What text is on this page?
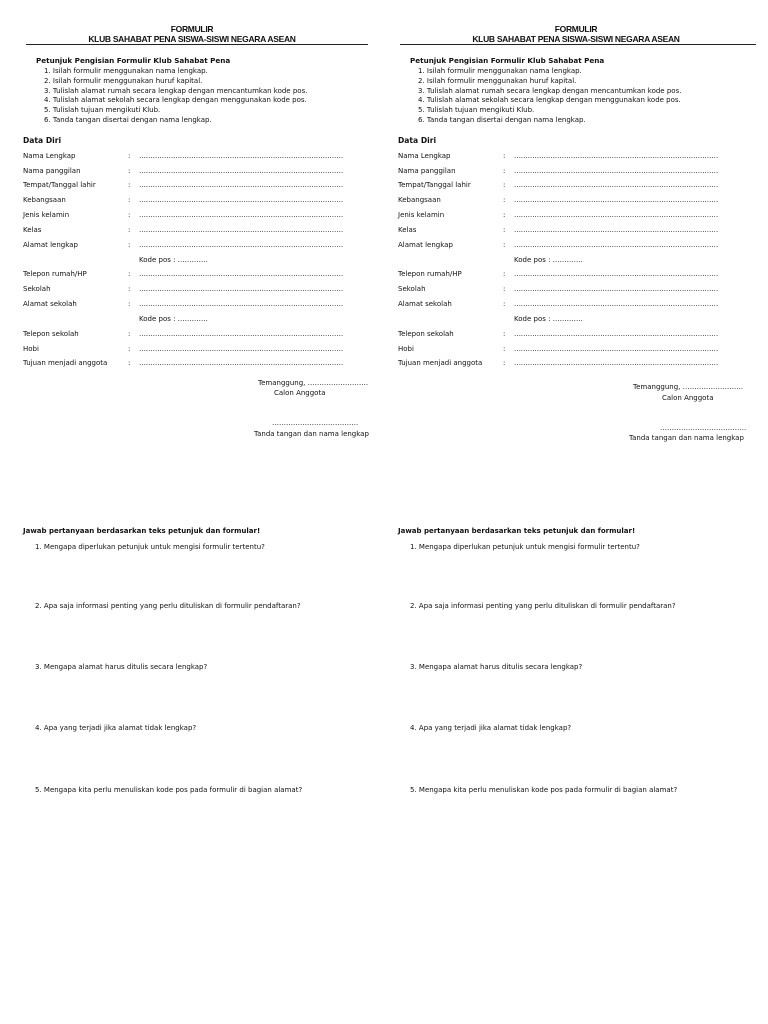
FORMULIR
KLUB SAHABAT PENA SISWA-SISWI NEGARA ASEAN
Petunjuk Pengisian Formulir Klub Sahabat Pena
1. Isilah formulir menggunakan nama lengkap.
2. Isilah formulir menggunakan huruf kapital.
3. Tulislah alamat rumah secara lengkap dengan mencantumkan kode pos.
4. Tulislah alamat sekolah secara lengkap dengan menggunakan kode pos.
5. Tulislah tujuan mengikuti Klub.
6. Tanda tangan disertai dengan nama lengkap.
Data Diri
Nama Lengkap	: ………………………………………………………………………………
Nama panggilan	: ………………………………………………………………………………
Tempat/Tanggal lahir	: ………………………………………………………………………………
Kebangsaan	: ………………………………………………………………………………
Jenis kelamin	: ………………………………………………………………………………
Kelas	: ………………………………………………………………………………
Alamat lengkap	: ………………………………………………………………………………
Kode pos : ………….
Telepon rumah/HP	: ………………………………………………………………………………
Sekolah	: ………………………………………………………………………………
Alamat sekolah	: ………………………………………………………………………………
Kode pos : ………….
Telepon sekolah	: ………………………………………………………………………………
Hobi	: ………………………………………………………………………………
Tujuan menjadi anggota	: ………………………………………………………………………………
Temanggung, ……………………..
Calon Anggota
……………………………….
Tanda tangan dan nama lengkap
Jawab pertanyaan berdasarkan teks petunjuk dan formular!
1. Mengapa diperlukan petunjuk untuk mengisi formulir tertentu?
2. Apa saja informasi penting yang perlu dituliskan di formulir pendaftaran?
3. Mengapa alamat harus ditulis secara lengkap?
4. Apa yang terjadi jika alamat tidak lengkap?
5. Mengapa kita perlu menuliskan kode pos pada formulir di bagian alamat?
FORMULIR
KLUB SAHABAT PENA SISWA-SISWI NEGARA ASEAN
Petunjuk Pengisian Formulir Klub Sahabat Pena
1. Isilah formulir menggunakan nama lengkap.
2. Isilah formulir menggunakan huruf kapital.
3. Tulislah alamat rumah secara lengkap dengan mencantumkan kode pos.
4. Tulislah alamat sekolah secara lengkap dengan menggunakan kode pos.
5. Tulislah tujuan mengikuti Klub.
6. Tanda tangan disertai dengan nama lengkap.
Data Diri
Nama Lengkap	: ………………………………………………………………………………
Nama panggilan	: ………………………………………………………………………………
Tempat/Tanggal lahir	: ………………………………………………………………………………
Kebangsaan	: ………………………………………………………………………………
Jenis kelamin	: ………………………………………………………………………………
Kelas	: ………………………………………………………………………………
Alamat lengkap	: ………………………………………………………………………………
Kode pos : ………….
Telepon rumah/HP	: ………………………………………………………………………………
Sekolah	: ………………………………………………………………………………
Alamat sekolah	: ………………………………………………………………………………
Kode pos : ………….
Telepon sekolah	: ………………………………………………………………………………
Hobi	: ………………………………………………………………………………
Tujuan menjadi anggota	: ………………………………………………………………………………
Temanggung, ……………………..
Calon Anggota
……………………………….
Tanda tangan dan nama lengkap
Jawab pertanyaan berdasarkan teks petunjuk dan formular!
1. Mengapa diperlukan petunjuk untuk mengisi formulir tertentu?
2. Apa saja informasi penting yang perlu dituliskan di formulir pendaftaran?
3. Mengapa alamat harus ditulis secara lengkap?
4. Apa yang terjadi jika alamat tidak lengkap?
5. Mengapa kita perlu menuliskan kode pos pada formulir di bagian alamat?
